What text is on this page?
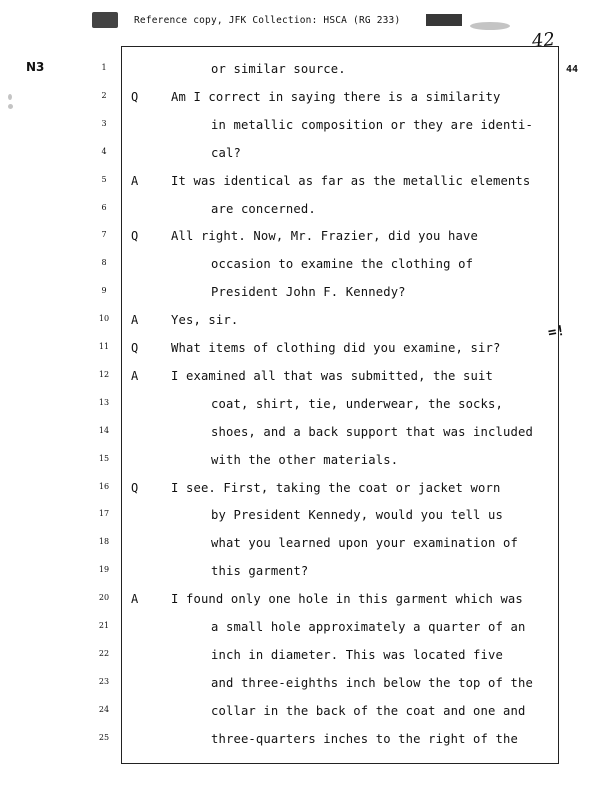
Reference copy, JFK Collection: HSCA (RG 233)
42
N3	44
=!
1	or similar source.
2	Q	Am I correct in saying there is a similarity
3	in metallic composition or they are identi-
4	cal?
5	A	It was identical as far as the metallic elements
6	are concerned.
7	Q	All right. Now, Mr. Frazier, did you have
8	occasion to examine the clothing of
9	President John F. Kennedy?
10	A	Yes, sir.
11	Q	What items of clothing did you examine, sir?
12	A	I examined all that was submitted, the suit
13	coat, shirt, tie, underwear, the socks,
14	shoes, and a back support that was included
15	with the other materials.
16	Q	I see. First, taking the coat or jacket worn
17	by President Kennedy, would you tell us
18	what you learned upon your examination of
19	this garment?
20	A	I found only one hole in this garment which was
21	a small hole approximately a quarter of an
22	inch in diameter. This was located five
23	and three-eighths inch below the top of the
24	collar in the back of the coat and one and
25	three-quarters inches to the right of the
